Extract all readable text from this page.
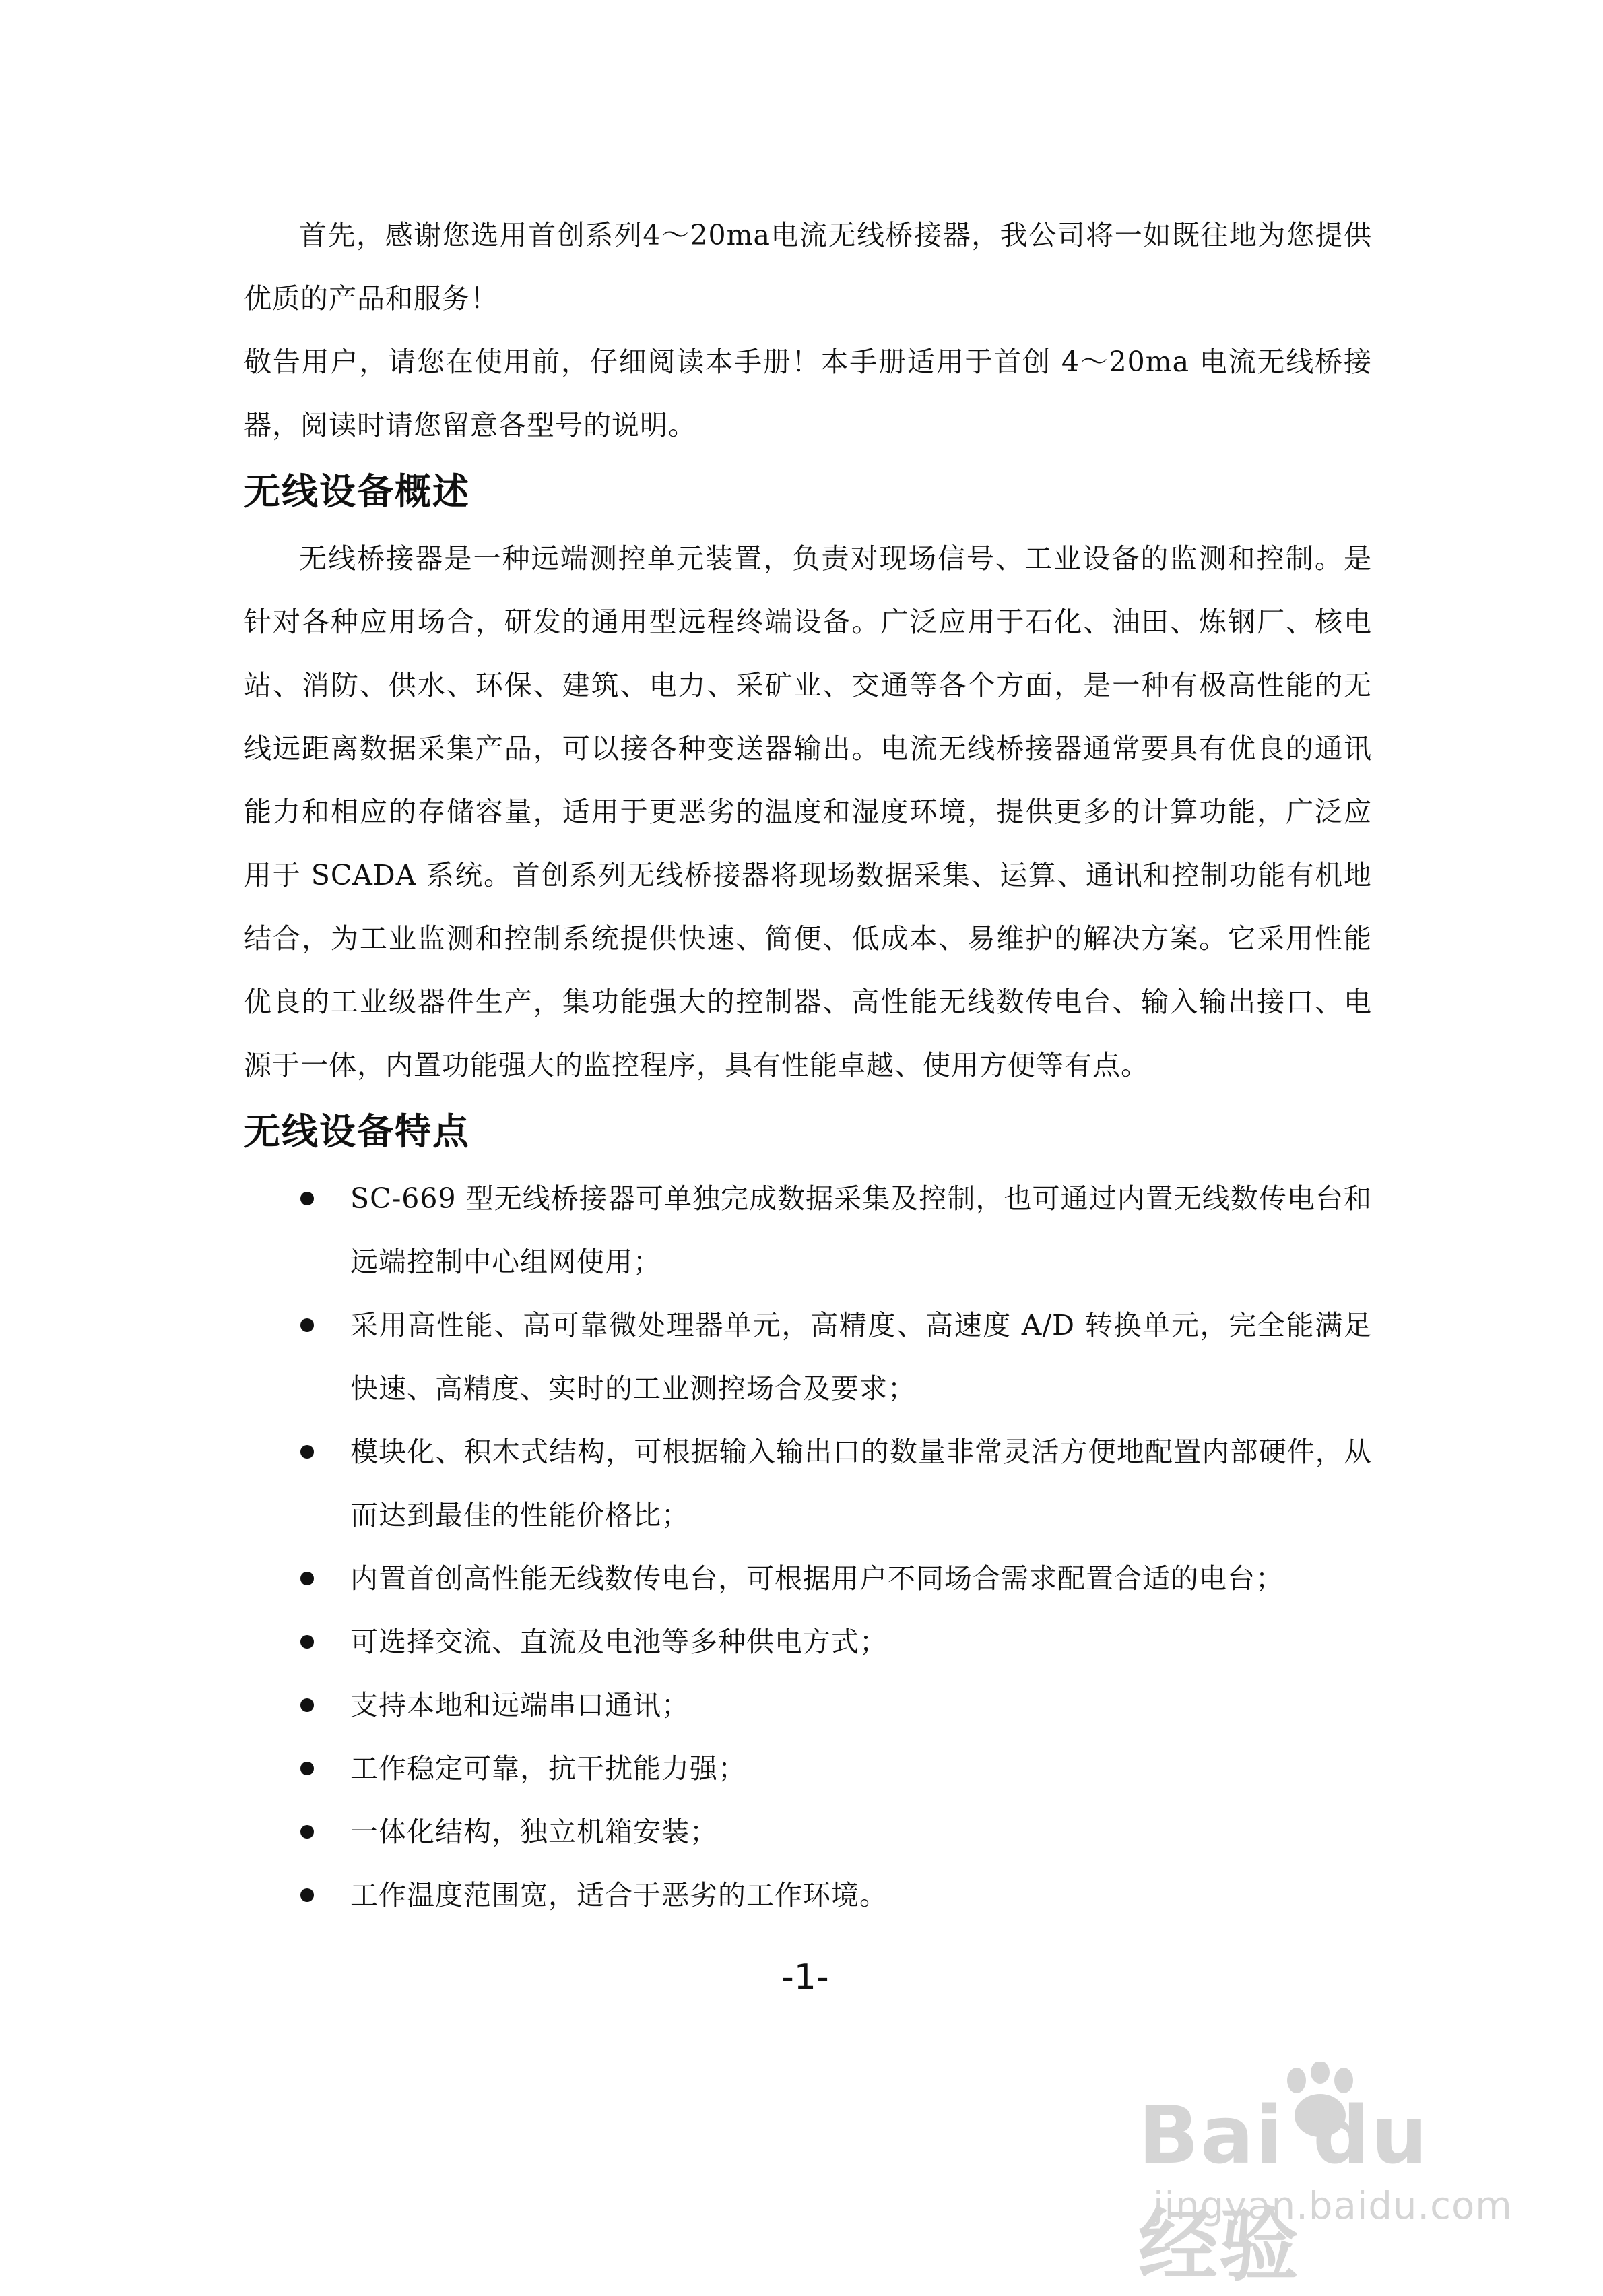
首先，感谢您选用首创系列4～20ma电流无线桥接器，我公司将一如既往地为您提供优质的产品和服务！

敬告用户，请您在使用前，仔细阅读本手册！本手册适用于首创 4～20ma 电流无线桥接器，阅读时请您留意各型号的说明。

无线设备概述

无线桥接器是一种远端测控单元装置，负责对现场信号、工业设备的监测和控制。是针对各种应用场合，研发的通用型远程终端设备。广泛应用于石化、油田、炼钢厂、核电站、消防、供水、环保、建筑、电力、采矿业、交通等各个方面，是一种有极高性能的无线远距离数据采集产品，可以接各种变送器输出。电流无线桥接器通常要具有优良的通讯能力和相应的存储容量，适用于更恶劣的温度和湿度环境，提供更多的计算功能，广泛应用于 SCADA 系统。首创系列无线桥接器将现场数据采集、运算、通讯和控制功能有机地结合，为工业监测和控制系统提供快速、简便、低成本、易维护的解决方案。它采用性能优良的工业级器件生产，集功能强大的控制器、高性能无线数传电台、输入输出接口、电源于一体，内置功能强大的监控程序，具有性能卓越、使用方便等有点。

无线设备特点
SC-669 型无线桥接器可单独完成数据采集及控制，也可通过内置无线数传电台和远端控制中心组网使用；
采用高性能、高可靠微处理器单元，高精度、高速度 A/D 转换单元，完全能满足快速、高精度、实时的工业测控场合及要求；
模块化、积木式结构，可根据输入输出口的数量非常灵活方便地配置内部硬件，从而达到最佳的性能价格比；
内置首创高性能无线数传电台，可根据用户不同场合需求配置合适的电台；
可选择交流、直流及电池等多种供电方式；
支持本地和远端串口通讯；
工作稳定可靠，抗干扰能力强；
一体化结构，独立机箱安装；
工作温度范围宽，适合于恶劣的工作环境。
-1-
Bai du 经验
jingyan.baidu.com
